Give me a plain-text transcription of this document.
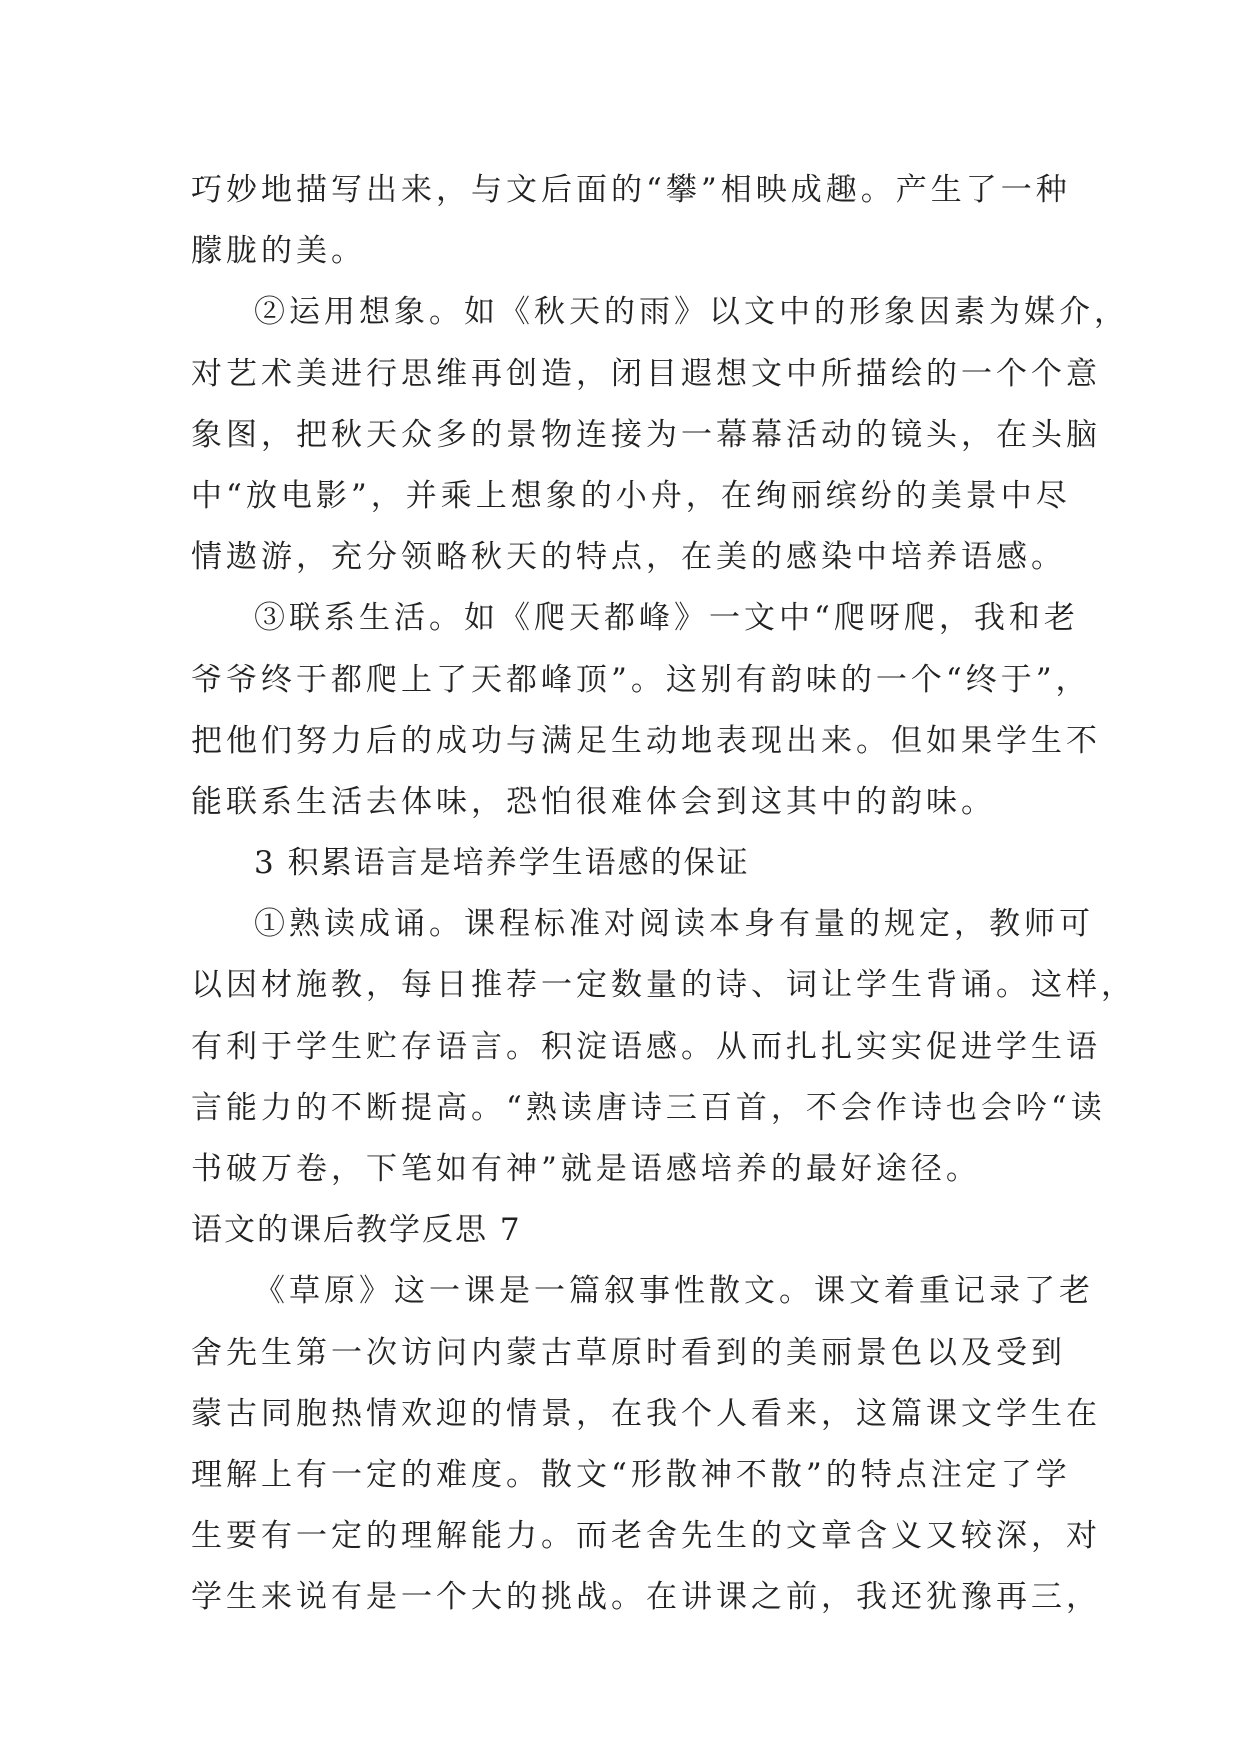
巧妙地描写出来，与文后面的“攀”相映成趣。产生了一种

朦胧的美。

②运用想象。如《秋天的雨》以文中的形象因素为媒介，

对艺术美进行思维再创造，闭目遐想文中所描绘的一个个意

象图，把秋天众多的景物连接为一幕幕活动的镜头，在头脑

中“放电影”，并乘上想象的小舟，在绚丽缤纷的美景中尽

情遨游，充分领略秋天的特点，在美的感染中培养语感。

③联系生活。如《爬天都峰》一文中“爬呀爬，我和老

爷爷终于都爬上了天都峰顶”。这别有韵味的一个“终于”，

把他们努力后的成功与满足生动地表现出来。但如果学生不

能联系生活去体味，恐怕很难体会到这其中的韵味。

3 积累语言是培养学生语感的保证

①熟读成诵。课程标准对阅读本身有量的规定，教师可

以因材施教，每日推荐一定数量的诗、词让学生背诵。这样，

有利于学生贮存语言。积淀语感。从而扎扎实实促进学生语

言能力的不断提高。“熟读唐诗三百首，不会作诗也会吟“读

书破万卷，下笔如有神”就是语感培养的最好途径。

语文的课后教学反思 7

《草原》这一课是一篇叙事性散文。课文着重记录了老

舍先生第一次访问内蒙古草原时看到的美丽景色以及受到

蒙古同胞热情欢迎的情景，在我个人看来，这篇课文学生在

理解上有一定的难度。散文“形散神不散”的特点注定了学

生要有一定的理解能力。而老舍先生的文章含义又较深，对

学生来说有是一个大的挑战。在讲课之前，我还犹豫再三，
